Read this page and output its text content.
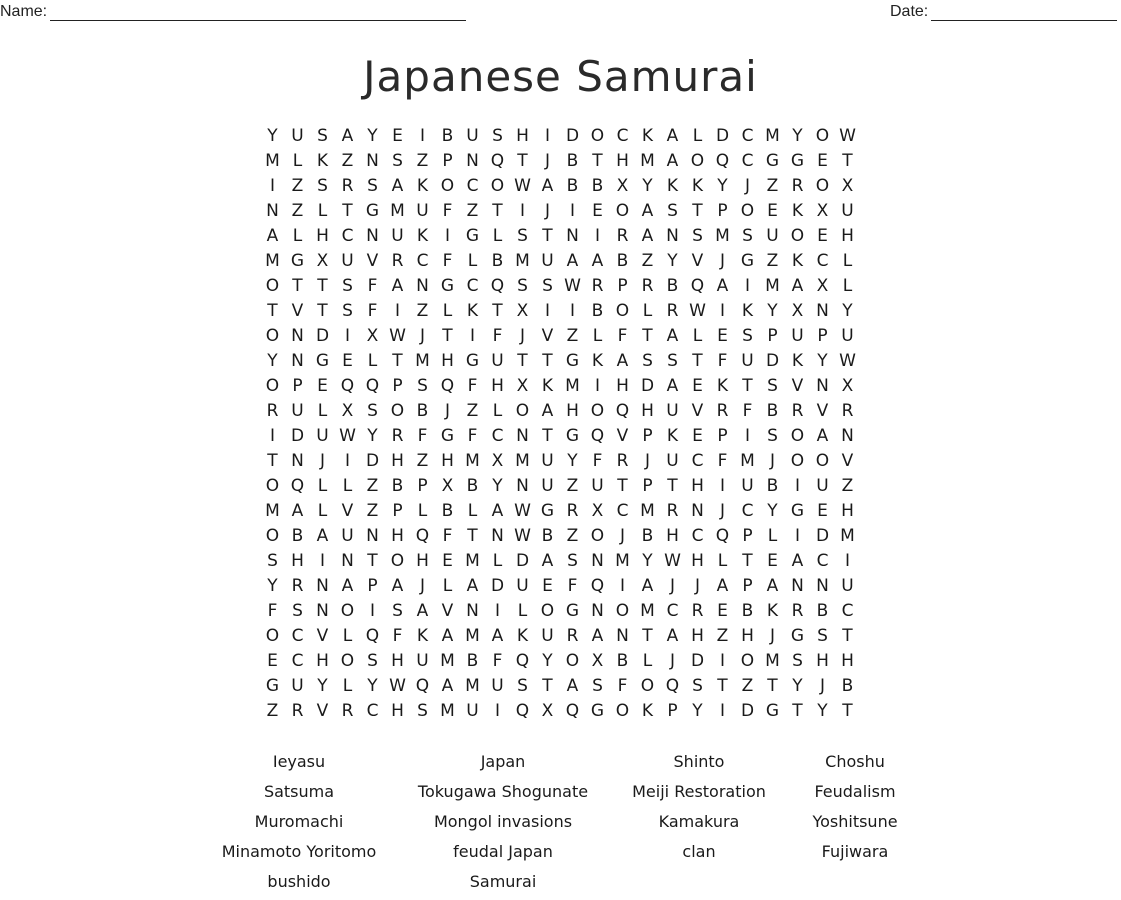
Name:	Date:
Japanese Samurai
Y U S A Y E	I B U S H I D O C K A L D C M Y O W
M L K Z N S Z P N Q T	J B T H M A O Q C G G E T
I Z S R S A K O C O W A B B X Y K K Y	J Z R O X
N Z L T G M U F Z T	I	J	I	E O A S T P O E K X U
A L H C N U K I G L S T N I R A N S M S U O E H
M G X U V R C F L B M U A A B Z Y V J G Z K C L
O T T S F A N G C Q S S W R P R B Q A I M A X L
T V T S F	I Z L K T X I	I B O L R W I K Y X N Y
O N D I X W J	T	I	F	J V Z L F T A L E S P U P U
Y N G E L T M H G U T T G K A S S T F U D K Y W
O P E Q Q P S Q F H X K M I H D A E K T S V N X
R U L X S O B J Z L O A H O Q H U V R F B R V R
I D U W Y R F G F C N T G Q V P K E P	I	S O A N
T N J	I D H Z H M X M U Y F R J U C F M J O O V
O Q L L Z B P X B Y N U Z U T P T H I U B I U Z
M A L V Z P L B L A W G R X C M R N J C Y G E H
O B A U N H Q F T N W B Z O J B H C Q P L	I D M
S H I N T O H E M L D A S N M Y W H L T E A C I
Y R N A P A J	L A D U E F Q I A J	J A P A N N U
F S N O I	S A V N I	L O G N O M C R E B K R B C
O C V L Q F K A M A K U R A N T A H Z H J G S T
E C H O S H U M B F Q Y O X B L	J D I O M S H H
G U Y L Y W Q A M U S T A S F O Q S T Z T Y	J B
Z R V R C H S M U I Q X Q G O K P Y	I D G T Y T
Ieyasu	Japan	Shinto	Choshu
Satsuma	Tokugawa Shogunate	Meiji Restoration	Feudalism
Muromachi	Mongol invasions	Kamakura	Yoshitsune
Minamoto Yoritomo	feudal Japan	clan	Fujiwara
bushido	Samurai
